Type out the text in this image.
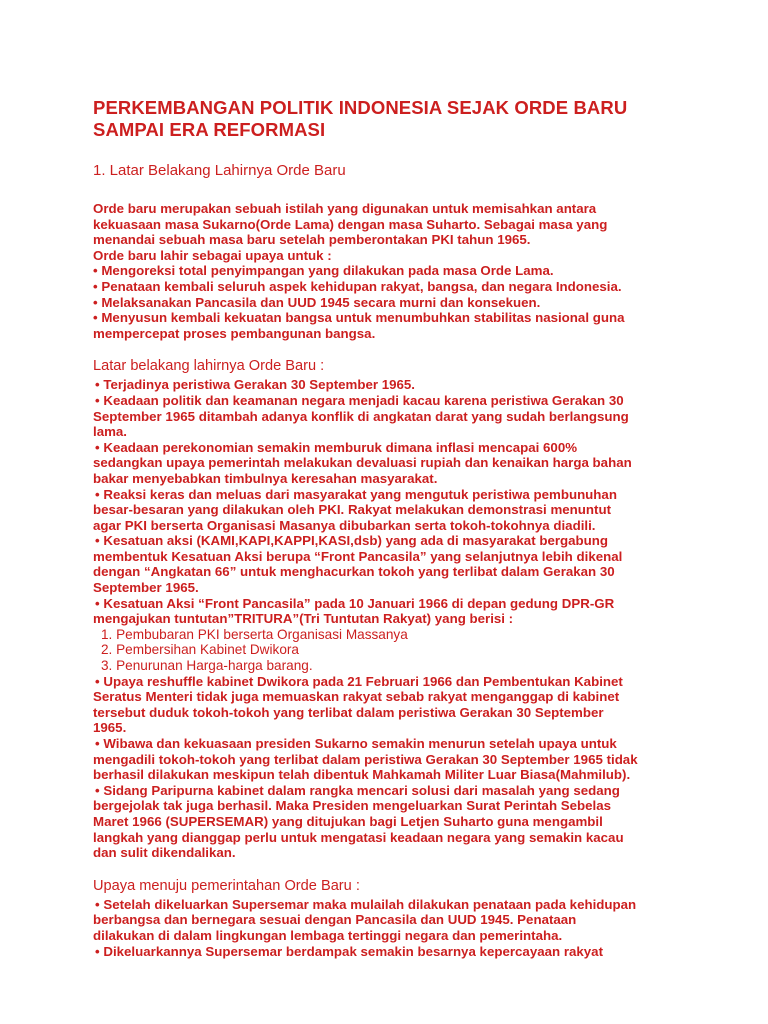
PERKEMBANGAN POLITIK INDONESIA SEJAK ORDE BARU SAMPAI ERA REFORMASI
1. Latar Belakang Lahirnya Orde Baru

Orde baru merupakan sebuah istilah yang digunakan untuk memisahkan antara

kekuasaan masa Sukarno(Orde Lama) dengan masa Suharto. Sebagai masa yang

menandai sebuah masa baru setelah pemberontakan PKI tahun 1965.

Orde baru lahir sebagai upaya untuk :

• Mengoreksi total penyimpangan yang dilakukan pada masa Orde Lama.

• Penataan kembali seluruh aspek kehidupan rakyat, bangsa, dan negara Indonesia.

• Melaksanakan Pancasila dan UUD 1945 secara murni dan konsekuen.

• Menyusun kembali kekuatan bangsa untuk menumbuhkan stabilitas nasional guna

mempercepat proses pembangunan bangsa.

Latar belakang lahirnya Orde Baru :

• Terjadinya peristiwa Gerakan 30 September 1965.

• Keadaan politik dan keamanan negara menjadi kacau karena peristiwa Gerakan 30

September 1965 ditambah adanya konflik di angkatan darat yang sudah berlangsung

lama.

• Keadaan perekonomian semakin memburuk dimana inflasi mencapai 600%

sedangkan upaya pemerintah melakukan devaluasi rupiah dan kenaikan harga bahan

bakar menyebabkan timbulnya keresahan masyarakat.

• Reaksi keras dan meluas dari masyarakat yang mengutuk peristiwa pembunuhan

besar-besaran yang dilakukan oleh PKI. Rakyat melakukan demonstrasi menuntut

agar PKI berserta Organisasi Masanya dibubarkan serta tokoh-tokohnya diadili.

• Kesatuan aksi (KAMI,KAPI,KAPPI,KASI,dsb) yang ada di masyarakat bergabung

membentuk Kesatuan Aksi berupa “Front Pancasila” yang selanjutnya lebih dikenal

dengan “Angkatan 66” untuk menghacurkan tokoh yang terlibat dalam Gerakan 30

September 1965.

• Kesatuan Aksi “Front Pancasila” pada 10 Januari 1966 di depan gedung DPR-GR

mengajukan tuntutan”TRITURA”(Tri Tuntutan Rakyat) yang berisi :

1. Pembubaran PKI berserta Organisasi Massanya

2. Pembersihan Kabinet Dwikora

3. Penurunan Harga-harga barang.

• Upaya reshuffle kabinet Dwikora pada 21 Februari 1966 dan Pembentukan Kabinet

Seratus Menteri tidak juga memuaskan rakyat sebab rakyat menganggap di kabinet

tersebut duduk tokoh-tokoh yang terlibat dalam peristiwa Gerakan 30 September

1965.

• Wibawa dan kekuasaan presiden Sukarno semakin menurun setelah upaya untuk

mengadili tokoh-tokoh yang terlibat dalam peristiwa Gerakan 30 September 1965 tidak

berhasil dilakukan meskipun telah dibentuk Mahkamah Militer Luar Biasa(Mahmilub).

• Sidang Paripurna kabinet dalam rangka mencari solusi dari masalah yang sedang

bergejolak tak juga berhasil. Maka Presiden mengeluarkan Surat Perintah Sebelas

Maret 1966 (SUPERSEMAR) yang ditujukan bagi Letjen Suharto guna mengambil

langkah yang dianggap perlu untuk mengatasi keadaan negara yang semakin kacau

dan sulit dikendalikan.

Upaya menuju pemerintahan Orde Baru :

• Setelah dikeluarkan Supersemar maka mulailah dilakukan penataan pada kehidupan

berbangsa dan bernegara sesuai dengan Pancasila dan UUD 1945. Penataan

dilakukan di dalam lingkungan lembaga tertinggi negara dan pemerintaha.

• Dikeluarkannya Supersemar berdampak semakin besarnya kepercayaan rakyat
